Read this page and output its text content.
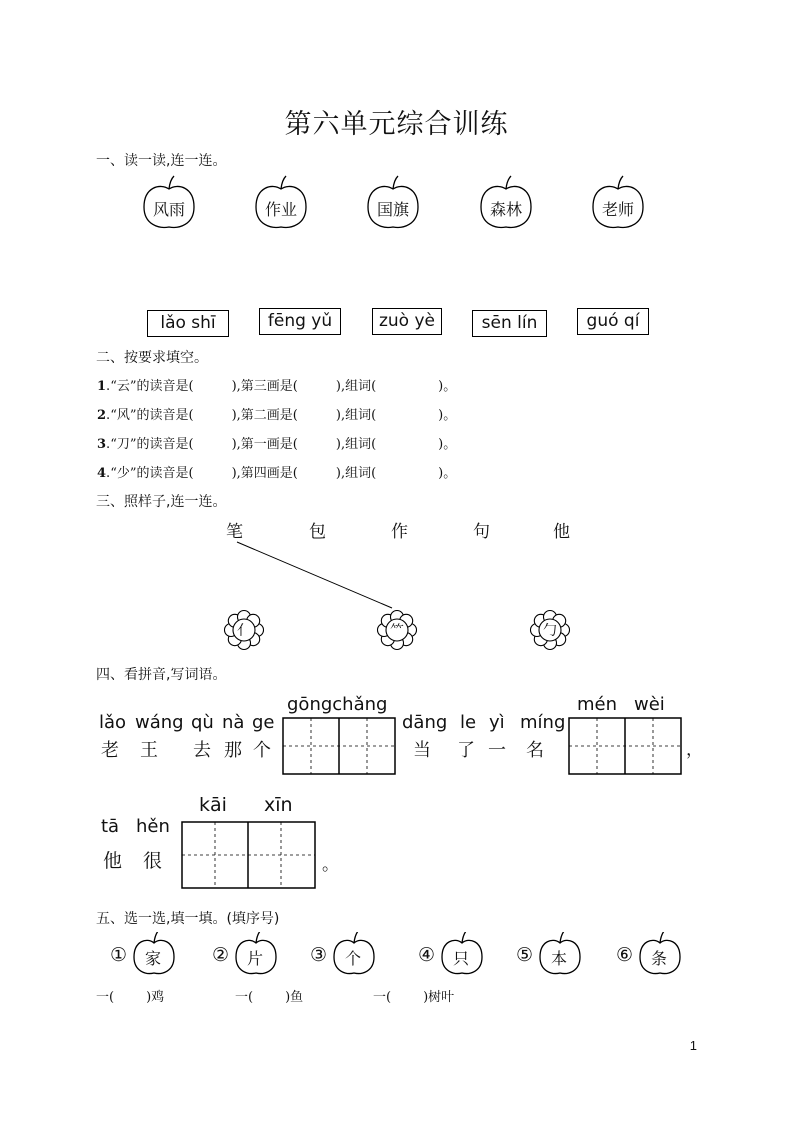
第六单元综合训练
一、读一读,连一连。
风雨	作业	国旗	森林	老师
lǎo shī	fēng yǔ	zuò yè	sēn lín	guó qí
二、按要求填空。
1.“云”的读音是(	),第三画是(	),组词(	)。
2.“风”的读音是(	),第二画是(	),组词(	)。
3.“刀”的读音是(	),第一画是(	),组词(	)。
4.“少”的读音是(	),第四画是(	),组词(	)。
三、照样子,连一连。
笔	包	作	句	他
亻	⺮	勹
四、看拼音,写词语。
lǎo
老
wáng
王
qù
去
nà
那
ge
个
gōngchǎng
dāng
当
le
了
yì
一
míng
名
mén wèi
，
tā hěn
他 很
kāi xīn
。
五、选一选,填一填。(填序号)
① 家	② 片 ③ 个	④ 只 ⑤ 本	⑥ 条
一( )鸡	一( )鱼	一( )树叶
1
